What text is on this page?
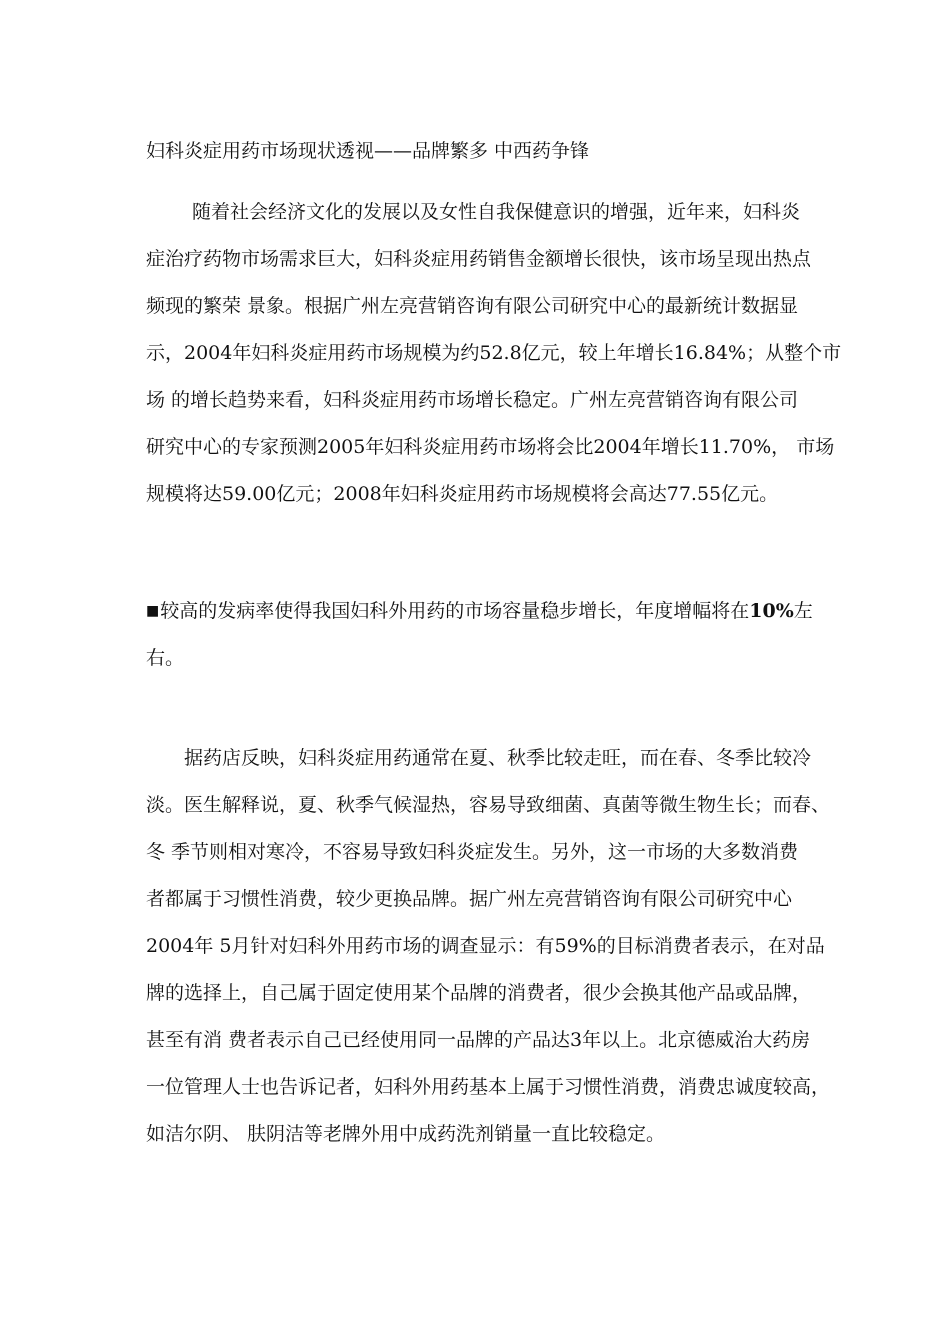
妇科炎症用药市场现状透视——品牌繁多 中西药争锋
随着社会经济文化的发展以及女性自我保健意识的增强，近年来，妇科炎
症治疗药物市场需求巨大，妇科炎症用药销售金额增长很快，该市场呈现出热点
频现的繁荣 景象。根据广州左亮营销咨询有限公司研究中心的最新统计数据显
示，2004年妇科炎症用药市场规模为约52.8亿元，较上年增长16.84%；从整个市
场 的增长趋势来看，妇科炎症用药市场增长稳定。广州左亮营销咨询有限公司
研究中心的专家预测2005年妇科炎症用药市场将会比2004年增长11.70%， 市场
规模将达59.00亿元；2008年妇科炎症用药市场规模将会高达77.55亿元。
■较高的发病率使得我国妇科外用药的市场容量稳步增长，年度增幅将在10%左
右。
据药店反映，妇科炎症用药通常在夏、秋季比较走旺，而在春、冬季比较冷
淡。医生解释说，夏、秋季气候湿热，容易导致细菌、真菌等微生物生长；而春、
冬 季节则相对寒冷，不容易导致妇科炎症发生。另外，这一市场的大多数消费
者都属于习惯性消费，较少更换品牌。据广州左亮营销咨询有限公司研究中心
2004年 5月针对妇科外用药市场的调查显示：有59%的目标消费者表示，在对品
牌的选择上，自己属于固定使用某个品牌的消费者，很少会换其他产品或品牌，
甚至有消 费者表示自己已经使用同一品牌的产品达3年以上。北京德威治大药房
一位管理人士也告诉记者，妇科外用药基本上属于习惯性消费，消费忠诚度较高，
如洁尔阴、 肤阴洁等老牌外用中成药洗剂销量一直比较稳定。
